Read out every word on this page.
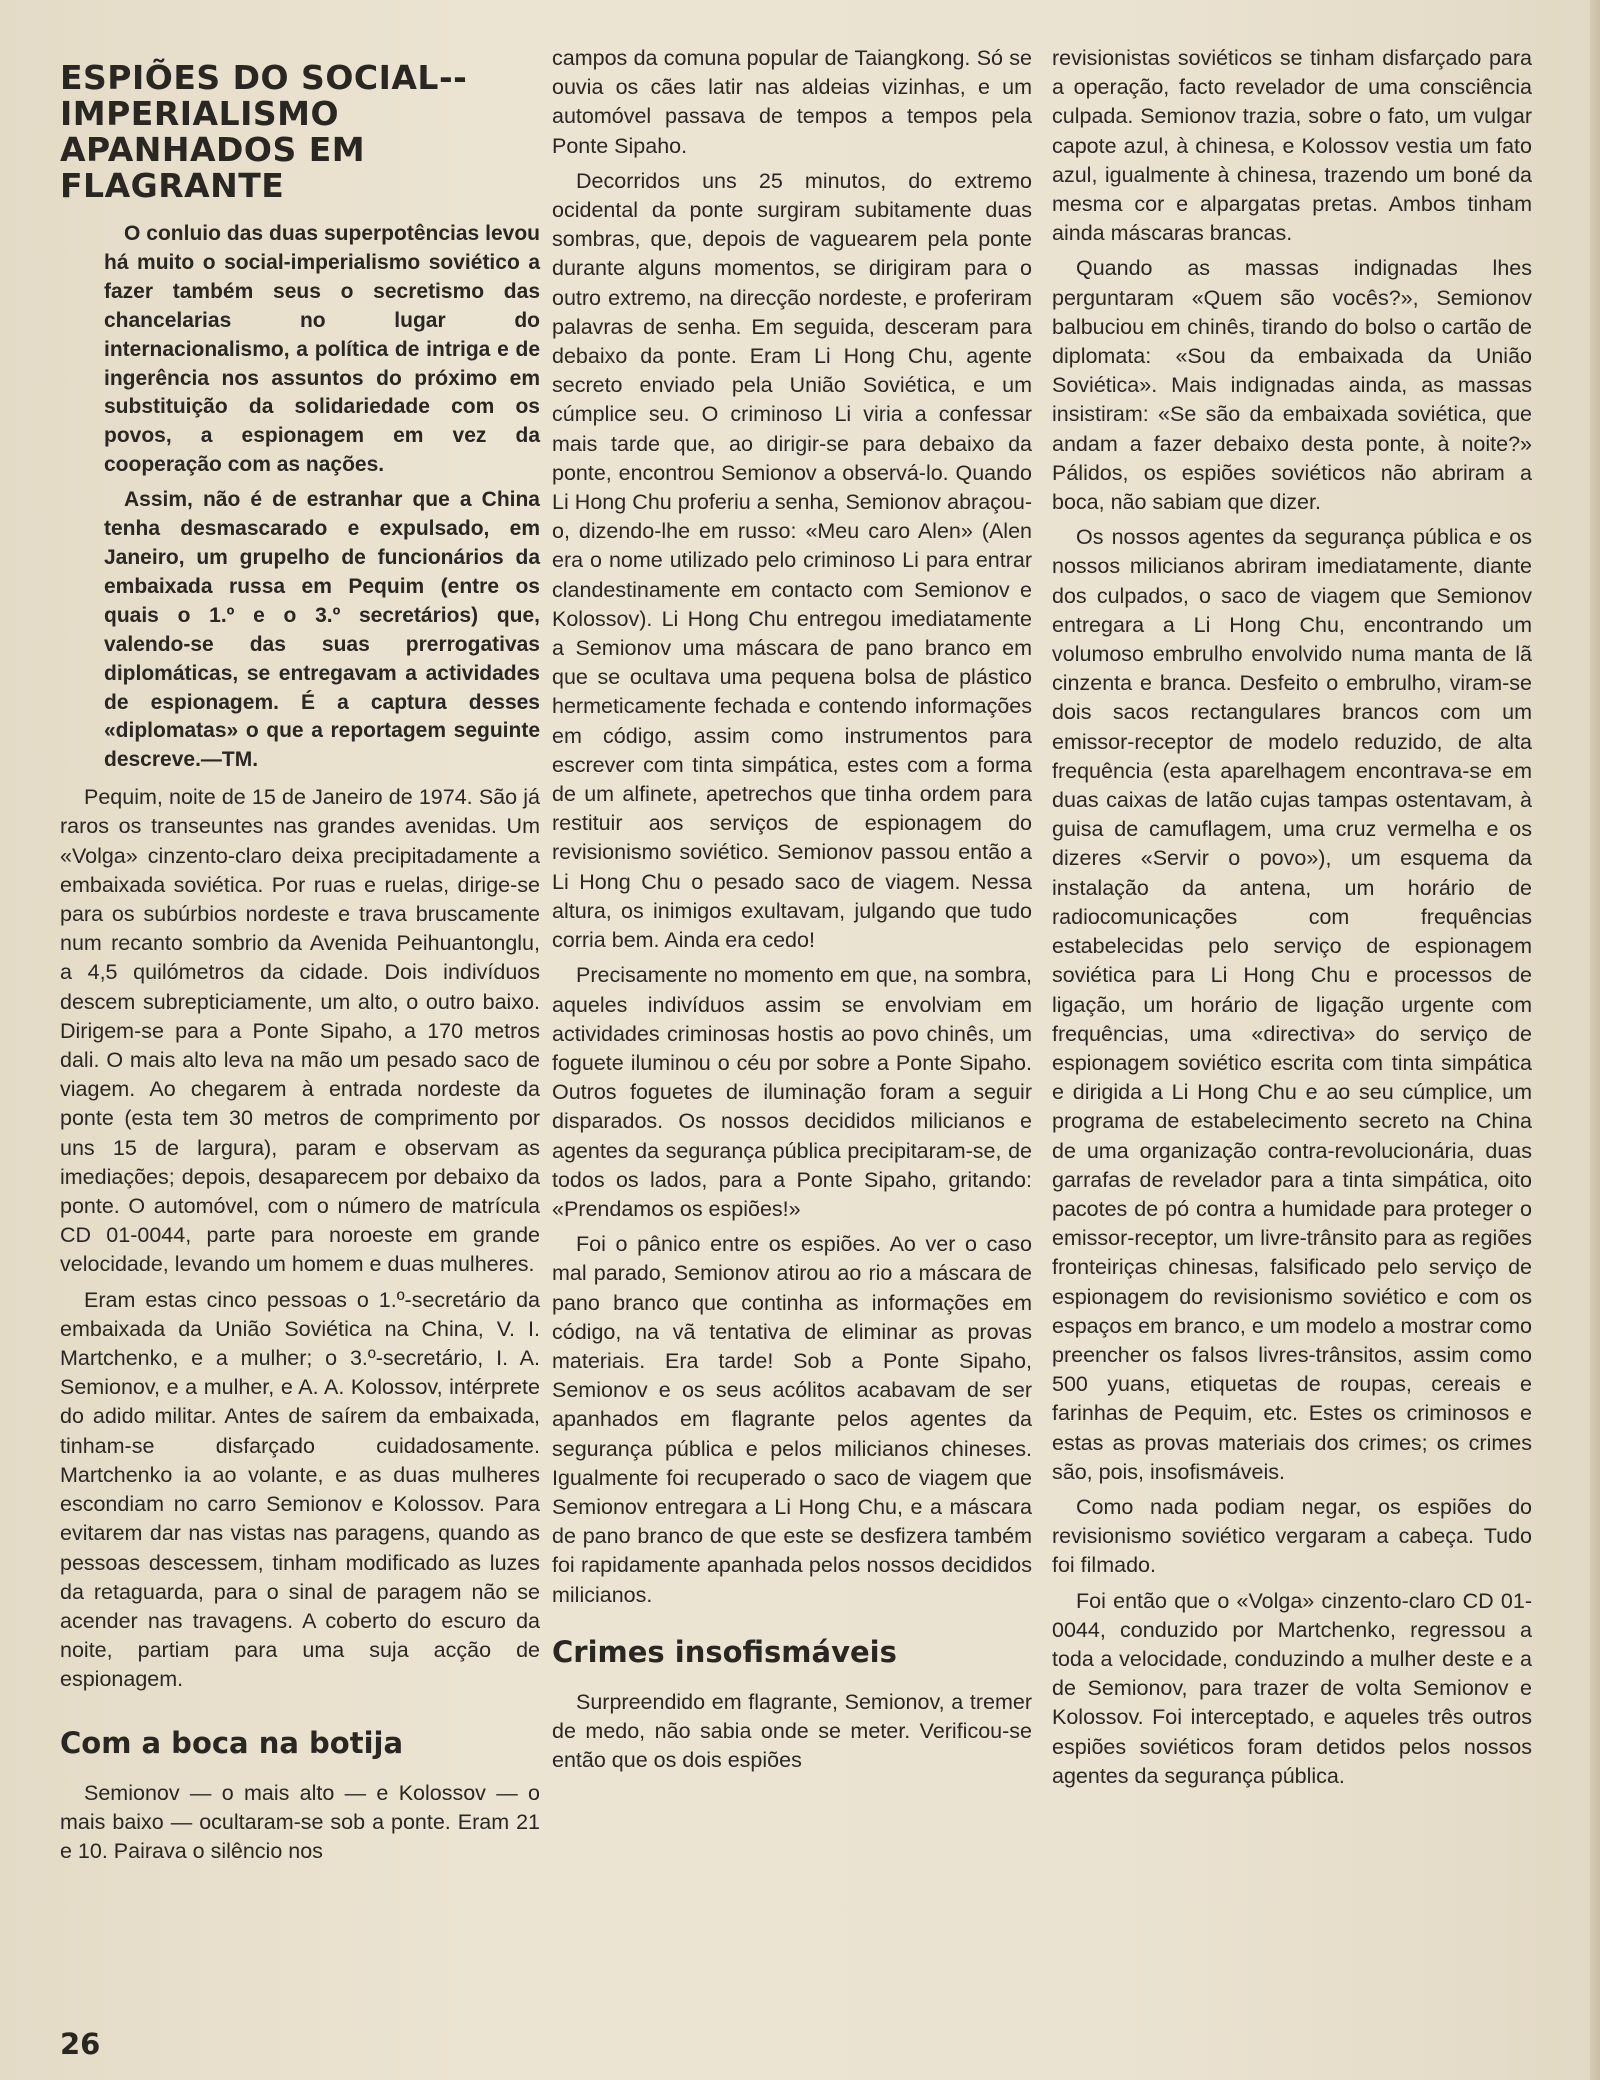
ESPIÕES DO SOCIAL--IMPERIALISMO APANHADOS EM FLAGRANTE

O conluio das duas superpotências levou há muito o social-imperialismo soviético a fazer também seus o secretismo das chancelarias no lugar do internacionalismo, a política de intriga e de ingerência nos assuntos do próximo em substituição da solidariedade com os povos, a espionagem em vez da cooperação com as nações.

Assim, não é de estranhar que a China tenha desmascarado e expulsado, em Janeiro, um grupelho de funcionários da embaixada russa em Pequim (entre os quais o 1.º e o 3.º secretários) que, valendo-se das suas prerrogativas diplomáticas, se entregavam a actividades de espionagem. É a captura desses «diplomatas» o que a reportagem seguinte descreve.—TM.

Pequim, noite de 15 de Janeiro de 1974. São já raros os transeuntes nas grandes avenidas. Um «Volga» cinzento-claro deixa precipitadamente a embaixada soviética. Por ruas e ruelas, dirige-se para os subúrbios nordeste e trava bruscamente num recanto sombrio da Avenida Peihuantonglu, a 4,5 quilómetros da cidade. Dois indivíduos descem subrepticiamente, um alto, o outro baixo. Dirigem-se para a Ponte Sipaho, a 170 metros dali. O mais alto leva na mão um pesado saco de viagem. Ao chegarem à entrada nordeste da ponte (esta tem 30 metros de comprimento por uns 15 de largura), param e observam as imediações; depois, desaparecem por debaixo da ponte. O automóvel, com o número de matrícula CD 01-0044, parte para noroeste em grande velocidade, levando um homem e duas mulheres.

Eram estas cinco pessoas o 1.º-secretário da embaixada da União Soviética na China, V. I. Martchenko, e a mulher; o 3.º-secretário, I. A. Semionov, e a mulher, e A. A. Kolossov, intérprete do adido militar. Antes de saírem da embaixada, tinham-se disfarçado cuidadosamente. Martchenko ia ao volante, e as duas mulheres escondiam no carro Semionov e Kolossov. Para evitarem dar nas vistas nas paragens, quando as pessoas descessem, tinham modificado as luzes da retaguarda, para o sinal de paragem não se acender nas travagens. A coberto do escuro da noite, partiam para uma suja acção de espionagem.

Com a boca na botija

Semionov — o mais alto — e Kolossov — o mais baixo — ocultaram-se sob a ponte. Eram 21 e 10. Pairava o silêncio nos

campos da comuna popular de Taiangkong. Só se ouvia os cães latir nas aldeias vizinhas, e um automóvel passava de tempos a tempos pela Ponte Sipaho.

Decorridos uns 25 minutos, do extremo ocidental da ponte surgiram subitamente duas sombras, que, depois de vaguearem pela ponte durante alguns momentos, se dirigiram para o outro extremo, na direcção nordeste, e proferiram palavras de senha. Em seguida, desceram para debaixo da ponte. Eram Li Hong Chu, agente secreto enviado pela União Soviética, e um cúmplice seu. O criminoso Li viria a confessar mais tarde que, ao dirigir-se para debaixo da ponte, encontrou Semionov a observá-lo. Quando Li Hong Chu proferiu a senha, Semionov abraçou-o, dizendo-lhe em russo: «Meu caro Alen» (Alen era o nome utilizado pelo criminoso Li para entrar clandestinamente em contacto com Semionov e Kolossov). Li Hong Chu entregou imediatamente a Semionov uma máscara de pano branco em que se ocultava uma pequena bolsa de plástico hermeticamente fechada e contendo informações em código, assim como instrumentos para escrever com tinta simpática, estes com a forma de um alfinete, apetrechos que tinha ordem para restituir aos serviços de espionagem do revisionismo soviético. Semionov passou então a Li Hong Chu o pesado saco de viagem. Nessa altura, os inimigos exultavam, julgando que tudo corria bem. Ainda era cedo!

Precisamente no momento em que, na sombra, aqueles indivíduos assim se envolviam em actividades criminosas hostis ao povo chinês, um foguete iluminou o céu por sobre a Ponte Sipaho. Outros foguetes de iluminação foram a seguir disparados. Os nossos decididos milicianos e agentes da segurança pública precipitaram-se, de todos os lados, para a Ponte Sipaho, gritando: «Prendamos os espiões!»

Foi o pânico entre os espiões. Ao ver o caso mal parado, Semionov atirou ao rio a máscara de pano branco que continha as informações em código, na vã tentativa de eliminar as provas materiais. Era tarde! Sob a Ponte Sipaho, Semionov e os seus acólitos acabavam de ser apanhados em flagrante pelos agentes da segurança pública e pelos milicianos chineses. Igualmente foi recuperado o saco de viagem que Semionov entregara a Li Hong Chu, e a máscara de pano branco de que este se desfizera também foi rapidamente apanhada pelos nossos decididos milicianos.

Crimes insofismáveis

Surpreendido em flagrante, Semionov, a tremer de medo, não sabia onde se meter. Verificou-se então que os dois espiões

revisionistas soviéticos se tinham disfarçado para a operação, facto revelador de uma consciência culpada. Semionov trazia, sobre o fato, um vulgar capote azul, à chinesa, e Kolossov vestia um fato azul, igualmente à chinesa, trazendo um boné da mesma cor e alpargatas pretas. Ambos tinham ainda máscaras brancas.

Quando as massas indignadas lhes perguntaram «Quem são vocês?», Semionov balbuciou em chinês, tirando do bolso o cartão de diplomata: «Sou da embaixada da União Soviética». Mais indignadas ainda, as massas insistiram: «Se são da embaixada soviética, que andam a fazer debaixo desta ponte, à noite?» Pálidos, os espiões soviéticos não abriram a boca, não sabiam que dizer.

Os nossos agentes da segurança pública e os nossos milicianos abriram imediatamente, diante dos culpados, o saco de viagem que Semionov entregara a Li Hong Chu, encontrando um volumoso embrulho envolvido numa manta de lã cinzenta e branca. Desfeito o embrulho, viram-se dois sacos rectangulares brancos com um emissor-receptor de modelo reduzido, de alta frequência (esta aparelhagem encontrava-se em duas caixas de latão cujas tampas ostentavam, à guisa de camuflagem, uma cruz vermelha e os dizeres «Servir o povo»), um esquema da instalação da antena, um horário de radiocomunicações com frequências estabelecidas pelo serviço de espionagem soviética para Li Hong Chu e processos de ligação, um horário de ligação urgente com frequências, uma «directiva» do serviço de espionagem soviético escrita com tinta simpática e dirigida a Li Hong Chu e ao seu cúmplice, um programa de estabelecimento secreto na China de uma organização contra-revolucionária, duas garrafas de revelador para a tinta simpática, oito pacotes de pó contra a humidade para proteger o emissor-receptor, um livre-trânsito para as regiões fronteiriças chinesas, falsificado pelo serviço de espionagem do revisionismo soviético e com os espaços em branco, e um modelo a mostrar como preencher os falsos livres-trânsitos, assim como 500 yuans, etiquetas de roupas, cereais e farinhas de Pequim, etc. Estes os criminosos e estas as provas materiais dos crimes; os crimes são, pois, insofismáveis.

Como nada podiam negar, os espiões do revisionismo soviético vergaram a cabeça. Tudo foi filmado.

Foi então que o «Volga» cinzento-claro CD 01-0044, conduzido por Martchenko, regressou a toda a velocidade, conduzindo a mulher deste e a de Semionov, para trazer de volta Semionov e Kolossov. Foi interceptado, e aqueles três outros espiões soviéticos foram detidos pelos nossos agentes da segurança pública.

26
